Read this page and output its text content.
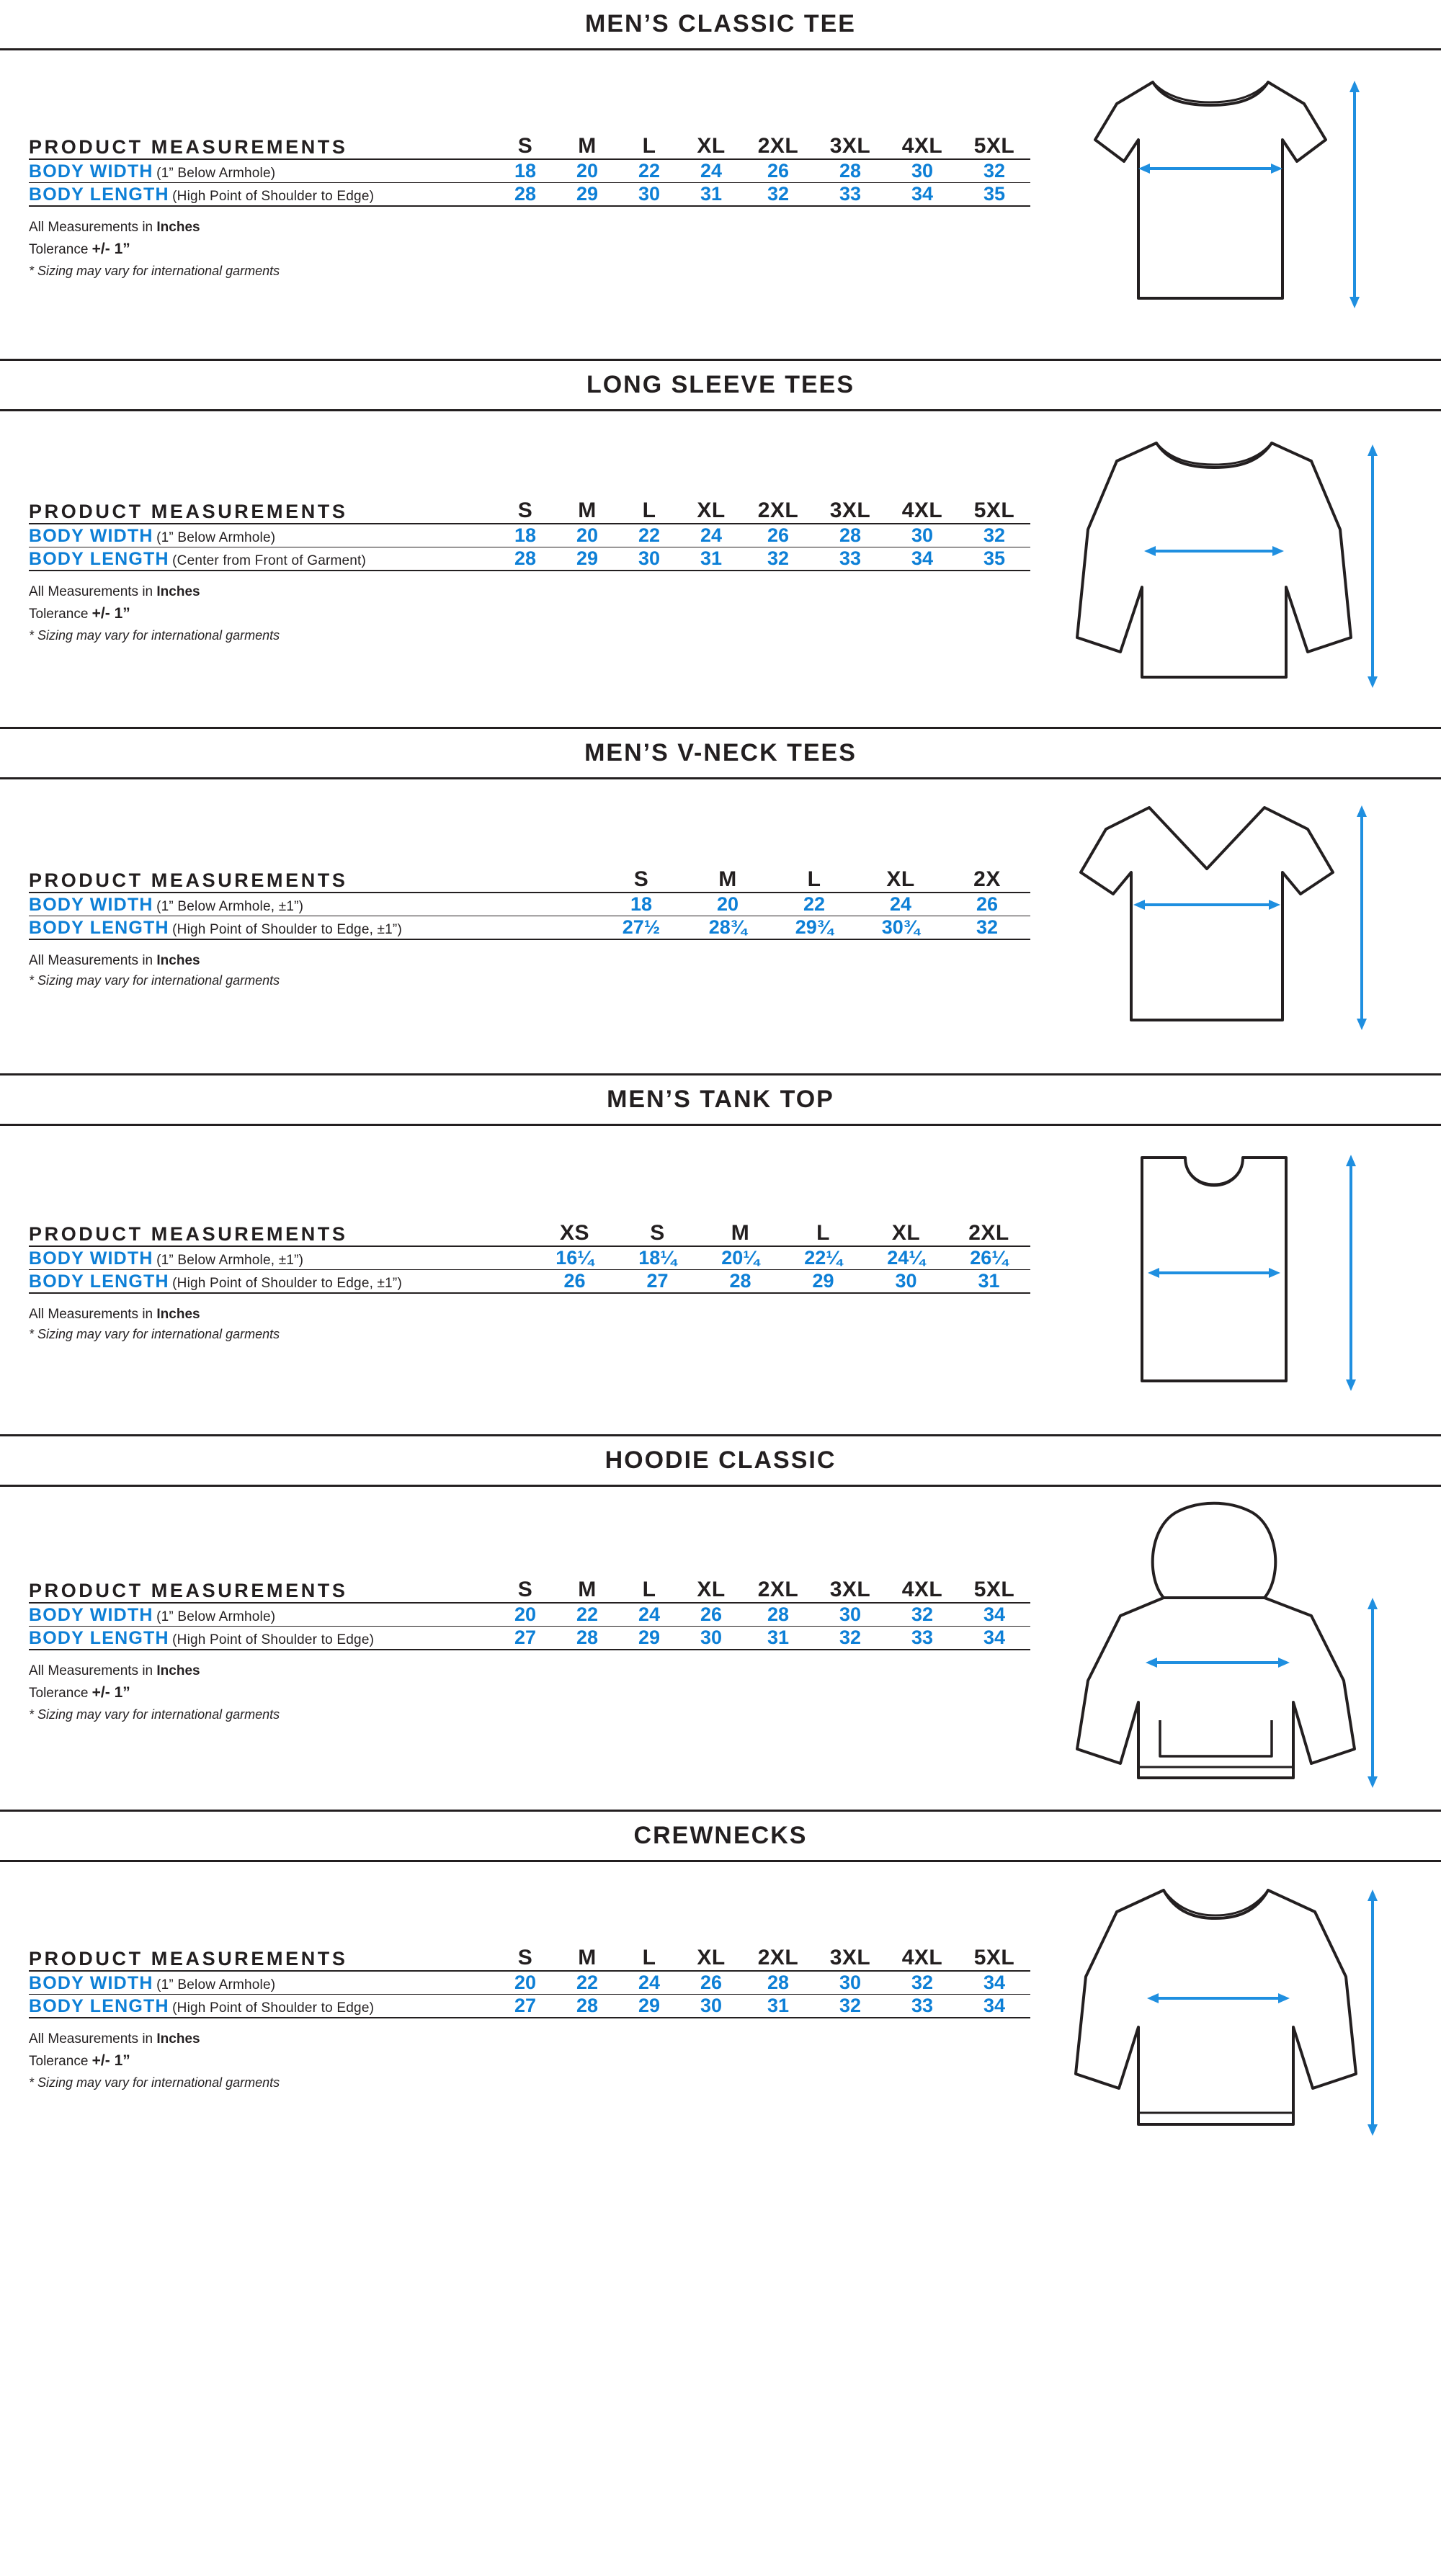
MEN’S CLASSIC TEE
PRODUCT MEASUREMENTS	S	M	L	XL	2XL	3XL	4XL	5XL
BODY WIDTH (1” Below Armhole)	18	20	22	24	26	28	30	32
BODY LENGTH (High Point of Shoulder to Edge)	28	29	30	31	32	33	34	35
All Measurements in Inches
Tolerance +/- 1”
* Sizing may vary for international garments
LONG SLEEVE TEES
PRODUCT MEASUREMENTS	S	M	L	XL	2XL	3XL	4XL	5XL
BODY WIDTH (1” Below Armhole)	18	20	22	24	26	28	30	32
BODY LENGTH (Center from Front of Garment)	28	29	30	31	32	33	34	35
All Measurements in Inches
Tolerance +/- 1”
* Sizing may vary for international garments
MEN’S V-NECK TEES
PRODUCT MEASUREMENTS	S	M	L	XL	2X
BODY WIDTH (1” Below Armhole, ±1”)	18	20	22	24	26
BODY LENGTH (High Point of Shoulder to Edge, ±1”)	27½	28¾	29¾	30¾	32
All Measurements in Inches
* Sizing may vary for international garments
MEN’S TANK TOP
PRODUCT MEASUREMENTS	XS	S	M	L	XL	2XL
BODY WIDTH (1” Below Armhole, ±1”)	16¼	18¼	20¼	22¼	24¼	26¼
BODY LENGTH (High Point of Shoulder to Edge, ±1”)	26	27	28	29	30	31
All Measurements in Inches
* Sizing may vary for international garments
HOODIE CLASSIC
PRODUCT MEASUREMENTS	S	M	L	XL	2XL	3XL	4XL	5XL
BODY WIDTH (1” Below Armhole)	20	22	24	26	28	30	32	34
BODY LENGTH (High Point of Shoulder to Edge)	27	28	29	30	31	32	33	34
All Measurements in Inches
Tolerance +/- 1”
* Sizing may vary for international garments
CREWNECKS
PRODUCT MEASUREMENTS	S	M	L	XL	2XL	3XL	4XL	5XL
BODY WIDTH (1” Below Armhole)	20	22	24	26	28	30	32	34
BODY LENGTH (High Point of Shoulder to Edge)	27	28	29	30	31	32	33	34
All Measurements in Inches
Tolerance +/- 1”
* Sizing may vary for international garments
